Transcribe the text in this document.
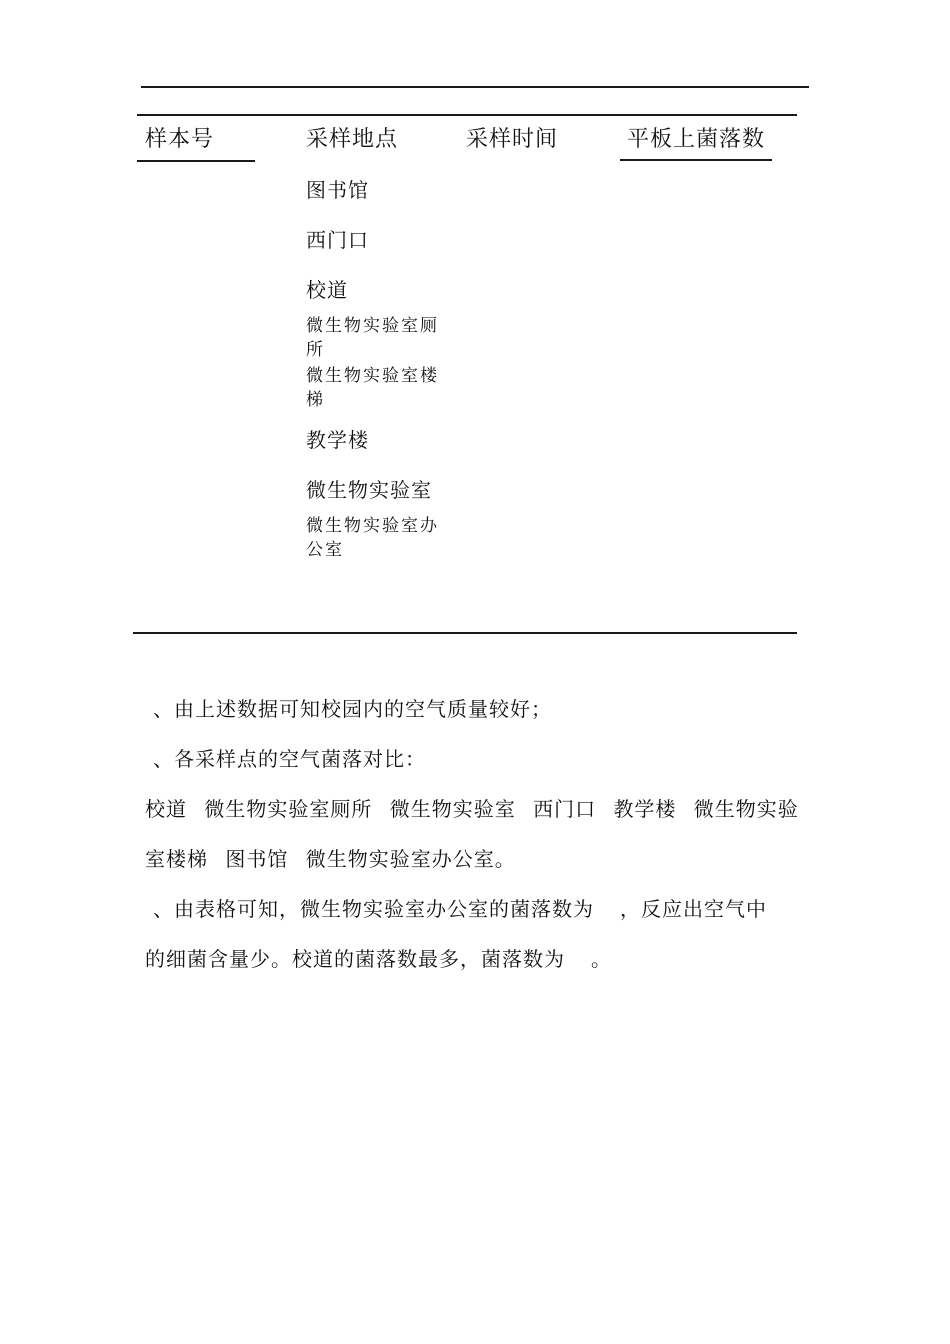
样本号	采样地点	采样时间	平板上菌落数
图书馆
西门口
校道
微生物实验室厕所
微生物实验室楼梯
教学楼
微生物实验室
微生物实验室办公室
、由上述数据可知校园内的空气质量较好；
、各采样点的空气菌落对比：
校道 微生物实验室厕所 微生物实验室 西门口 教学楼 微生物实验
室楼梯 图书馆 微生物实验室办公室。
、由表格可知，微生物实验室办公室的菌落数为 ，反应出空气中
的细菌含量少。校道的菌落数最多，菌落数为 。
